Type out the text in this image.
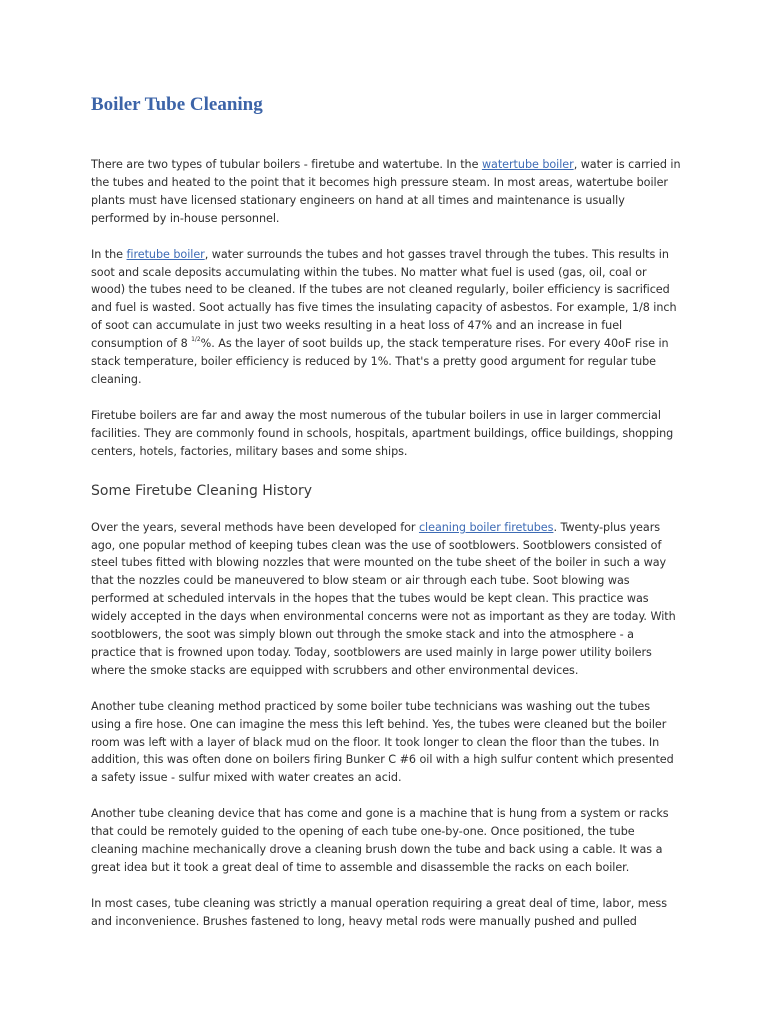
Boiler Tube Cleaning

There are two types of tubular boilers - firetube and watertube. In the watertube boiler, water is carried in the tubes and heated to the point that it becomes high pressure steam. In most areas, watertube boiler plants must have licensed stationary engineers on hand at all times and maintenance is usually performed by in-house personnel.

In the firetube boiler, water surrounds the tubes and hot gasses travel through the tubes. This results in soot and scale deposits accumulating within the tubes. No matter what fuel is used (gas, oil, coal or wood) the tubes need to be cleaned. If the tubes are not cleaned regularly, boiler efficiency is sacrificed and fuel is wasted. Soot actually has five times the insulating capacity of asbestos. For example, 1/8 inch of soot can accumulate in just two weeks resulting in a heat loss of 47% and an increase in fuel consumption of 8 $^{1/2}$%. As the layer of soot builds up, the stack temperature rises. For every 40oF rise in stack temperature, boiler efficiency is reduced by 1%. That's a pretty good argument for regular tube cleaning.

Firetube boilers are far and away the most numerous of the tubular boilers in use in larger commercial facilities. They are commonly found in schools, hospitals, apartment buildings, office buildings, shopping centers, hotels, factories, military bases and some ships.

Some Firetube Cleaning History

Over the years, several methods have been developed for cleaning boiler firetubes. Twenty-plus years ago, one popular method of keeping tubes clean was the use of sootblowers. Sootblowers consisted of steel tubes fitted with blowing nozzles that were mounted on the tube sheet of the boiler in such a way that the nozzles could be maneuvered to blow steam or air through each tube. Soot blowing was performed at scheduled intervals in the hopes that the tubes would be kept clean. This practice was widely accepted in the days when environmental concerns were not as important as they are today. With sootblowers, the soot was simply blown out through the smoke stack and into the atmosphere - a practice that is frowned upon today. Today, sootblowers are used mainly in large power utility boilers where the smoke stacks are equipped with scrubbers and other environmental devices.

Another tube cleaning method practiced by some boiler tube technicians was washing out the tubes using a fire hose. One can imagine the mess this left behind. Yes, the tubes were cleaned but the boiler room was left with a layer of black mud on the floor. It took longer to clean the floor than the tubes. In addition, this was often done on boilers firing Bunker C #6 oil with a high sulfur content which presented a safety issue - sulfur mixed with water creates an acid.

Another tube cleaning device that has come and gone is a machine that is hung from a system or racks that could be remotely guided to the opening of each tube one-by-one. Once positioned, the tube cleaning machine mechanically drove a cleaning brush down the tube and back using a cable. It was a great idea but it took a great deal of time to assemble and disassemble the racks on each boiler.

In most cases, tube cleaning was strictly a manual operation requiring a great deal of time, labor, mess and inconvenience. Brushes fastened to long, heavy metal rods were manually pushed and pulled
